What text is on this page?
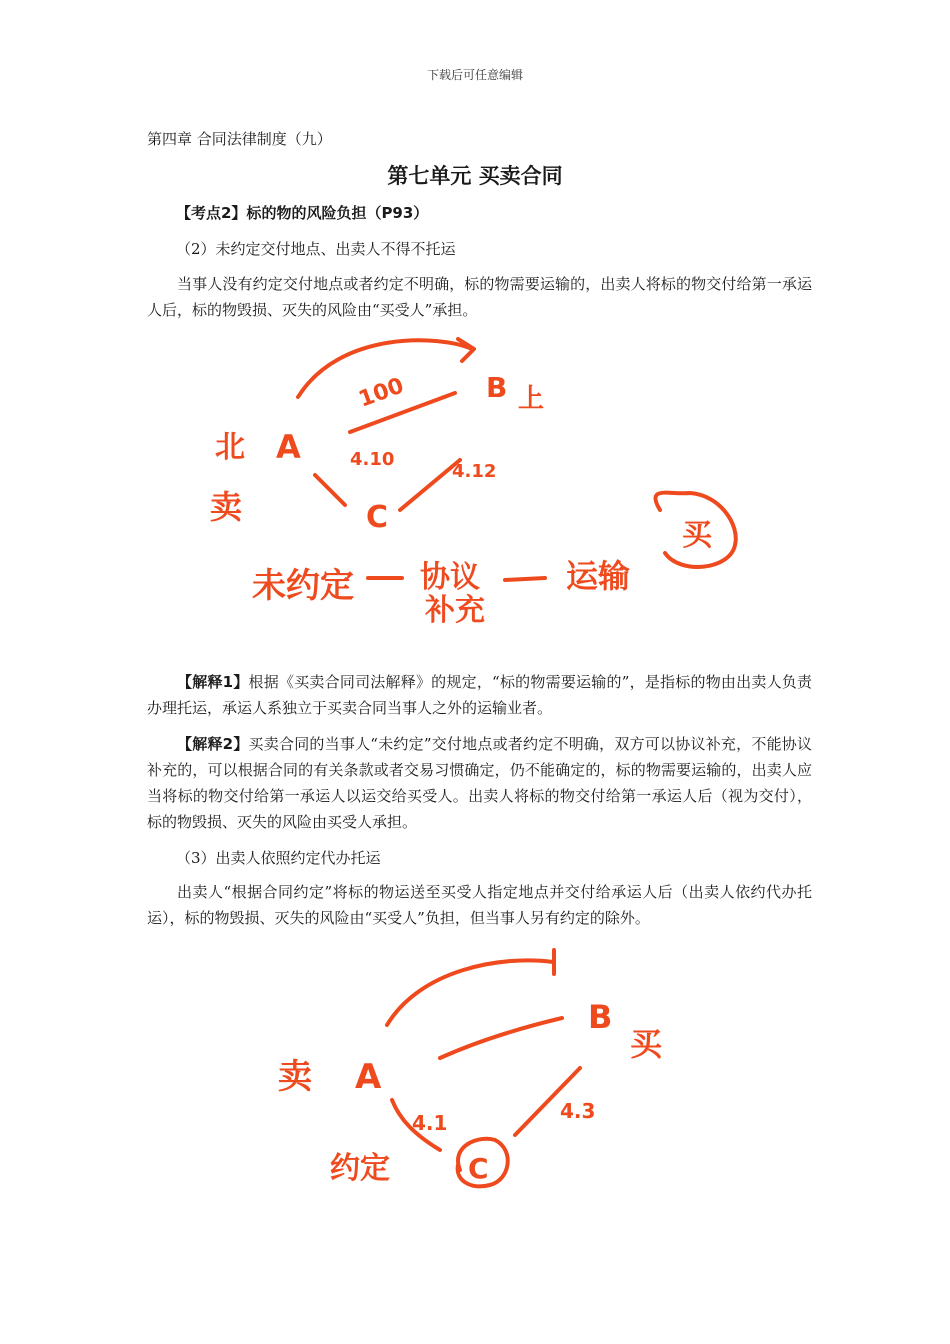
下载后可任意编辑
第四章 合同法律制度（九）
第七单元 买卖合同
【考点2】标的物的风险负担（P93）
（2）未约定交付地点、出卖人不得不托运

当事人没有约定交付地点或者约定不明确，标的物需要运输的，出卖人将标的物交付给第一承运人后，标的物毁损、灭失的风险由“买受人”承担。

北
卖
A
B 上
C
100
4.10
4.12
买
未约定 协议
补充
运输

【解释1】根据《买卖合同司法解释》的规定，“标的物需要运输的”，是指标的物由出卖人负责办理托运，承运人系独立于买卖合同当事人之外的运输业者。

【解释2】买卖合同的当事人“未约定”交付地点或者约定不明确，双方可以协议补充，不能协议补充的，可以根据合同的有关条款或者交易习惯确定，仍不能确定的，标的物需要运输的，出卖人应当将标的物交付给第一承运人以运交给买受人。出卖人将标的物交付给第一承运人后（视为交付），标的物毁损、灭失的风险由买受人承担。

（3）出卖人依照约定代办托运

出卖人“根据合同约定”将标的物运送至买受人指定地点并交付给承运人后（出卖人依约代办托运），标的物毁损、灭失的风险由“买受人”负担，但当事人另有约定的除外。

卖 A
B
买
4.1	4.3
约定	C
